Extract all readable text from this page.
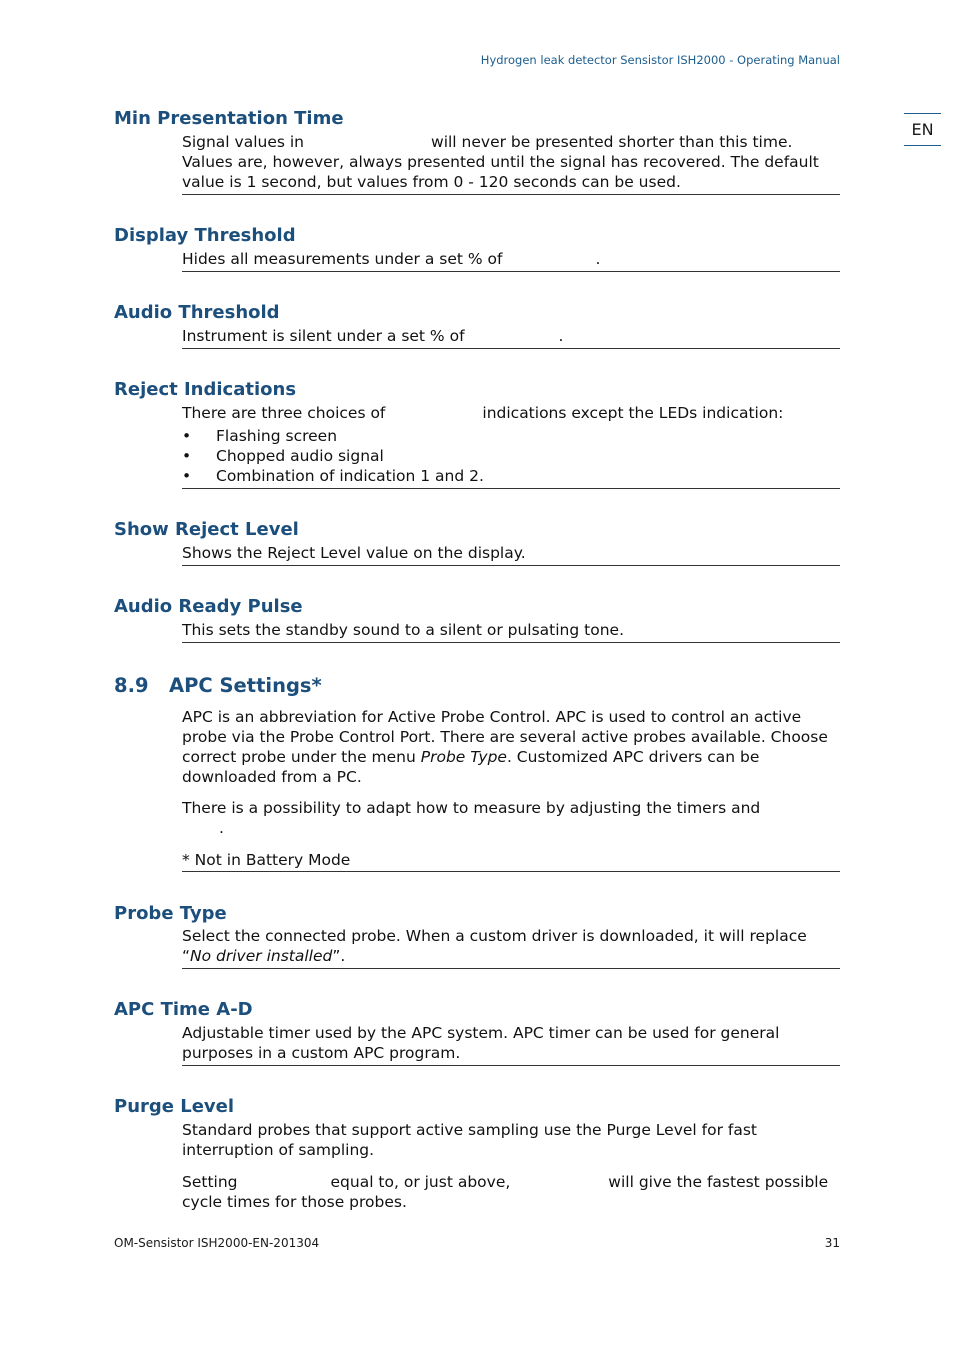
Hydrogen leak detector Sensistor ISH2000 - Operating Manual
EN
Min Presentation Time

Signal values in	will never be presented shorter than this time.

Values are, however, always presented until the signal has recovered. The default

value is 1 second, but values from 0 - 120 seconds can be used.

Display Threshold

Hides all measurements under a set % of	.

Audio Threshold

Instrument is silent under a set % of	.

Reject Indications

There are three choices of	indications except the LEDs indication:

• Flashing screen
• Chopped audio signal
• Combination of indication 1 and 2.
Show Reject Level

Shows the Reject Level value on the display.

Audio Ready Pulse

This sets the standby sound to a silent or pulsating tone.

8.9 APC Settings*

APC is an abbreviation for Active Probe Control. APC is used to control an active

probe via the Probe Control Port. There are several active probes available. Choose

correct probe under the menu Probe Type. Customized APC drivers can be

downloaded from a PC.

There is a possibility to adapt how to measure by adjusting the timers and

.

* Not in Battery Mode

Probe Type

Select the connected probe. When a custom driver is downloaded, it will replace

“No driver installed”.

APC Time A-D

Adjustable timer used by the APC system. APC timer can be used for general

purposes in a custom APC program.

Purge Level

Standard probes that support active sampling use the Purge Level for fast

interruption of sampling.

Setting	equal to, or just above,	will give the fastest possible

cycle times for those probes.

OM-Sensistor ISH2000-EN-201304	31
